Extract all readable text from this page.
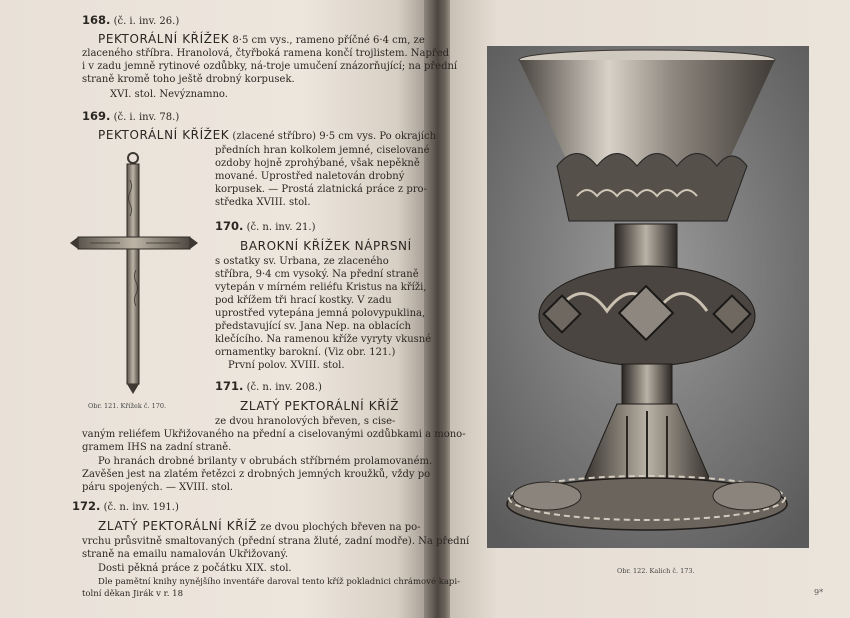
168. (č. i. inv. 26.)
PEKTORÁLNÍ KŘÍŽEK 8·5 cm vys., rameno příčné 6·4 cm, ze
zlaceného stříbra. Hranolová, čtyřboká ramena končí trojlistem. Napřed
i v zadu jemně rytinové ozdůbky, ná-troje umučení znázorňující; na přední
straně kromě toho ještě drobný korpusek.
XVI. stol. Nevýznamno.
169. (č. i. inv. 78.)
PEKTORÁLNÍ KŘÍŽEK (zlacené stříbro) 9·5 cm vys. Po okrajích
předních hran kolkolem jemné, ciselované
ozdoby hojně zprohýbané, však nepěkně
mované. Uprostřed naletován drobný
korpusek. — Prostá zlatnická práce z pro-
středka XVIII. stol.
Obr. 121. Křížek č. 170.
170. (č. n. inv. 21.)
BAROKNÍ KŘÍŽEK NÁPRSNÍ
s ostatky sv. Urbana, ze zlaceného
stříbra, 9·4 cm vysoký. Na přední straně
vytepán v mírném reliéfu Kristus na kříži,
pod křížem tři hrací kostky. V zadu
uprostřed vytepána jemná polovypuklina,
představující sv. Jana Nep. na oblacích
klečícího. Na ramenou kříže vyryty vkusné
ornamentky barokní. (Viz obr. 121.)
První polov. XVIII. stol.
171. (č. n. inv. 208.)
ZLATÝ PEKTORÁLNÍ KŘÍŽ
ze dvou hranolových břeven, s cise-
vaným reliéfem Ukřižovaného na přední a ciselovanými ozdůbkami a mono-
gramem IHS na zadní straně.
Po hranách drobné brilanty v obrubách stříbrném prolamovaném.
Zavěšen jest na zlatém řetězci z drobných jemných kroužků, vždy po
páru spojených. — XVIII. stol.
172. (č. n. inv. 191.)
ZLATÝ PEKTORÁLNÍ KŘÍŽ ze dvou plochých břeven na po-
vrchu průsvitně smaltovaných (přední strana žluté, zadní modře). Na přední
straně na emailu namalován Ukřižovaný.
Dosti pěkná práce z počátku XIX. stol.
Dle pamětní knihy nynějšího inventáře daroval tento kříž pokladnici chrámové kapi-
tolní děkan Jirák v r. 18
Obr. 122. Kalich č. 173.
9*
